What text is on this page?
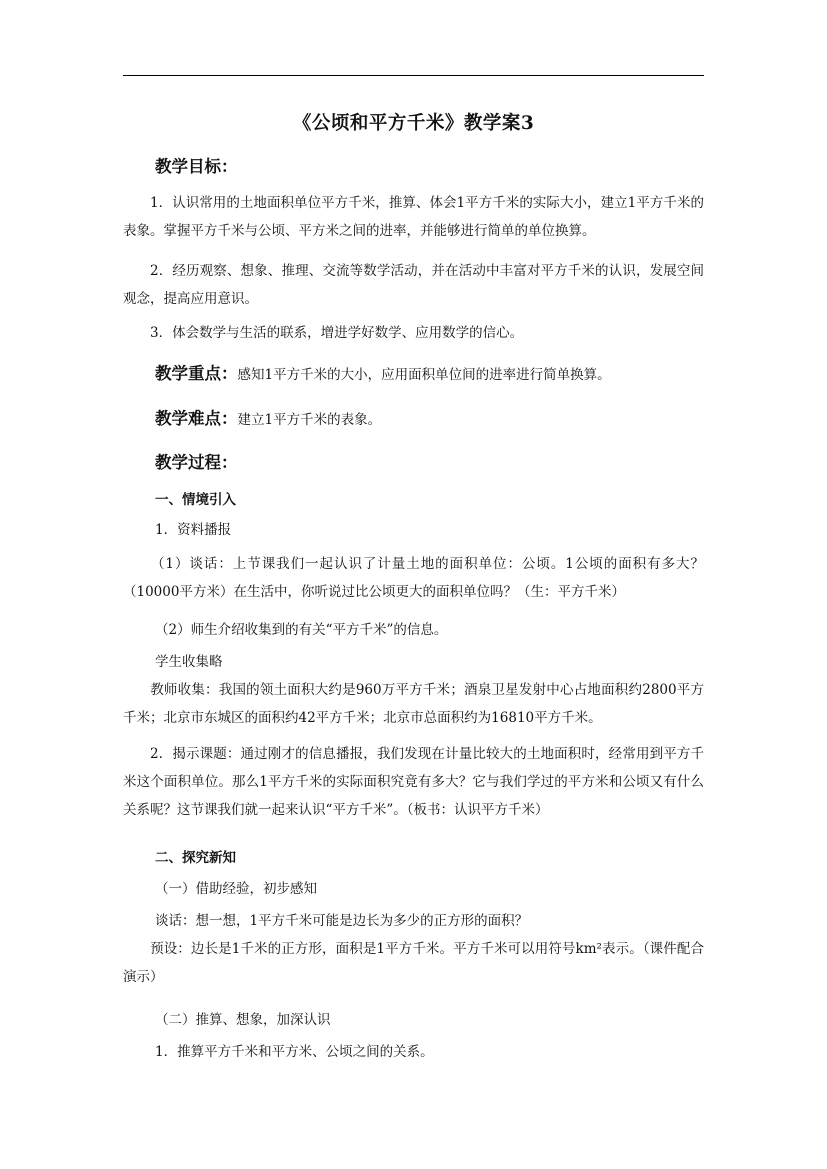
《公顷和平方千米》教学案3
教学目标：
1．认识常用的土地面积单位平方千米，推算、体会1平方千米的实际大小，建立1平方千米的表象。掌握平方千米与公顷、平方米之间的进率，并能够进行简单的单位换算。
2．经历观察、想象、推理、交流等数学活动，并在活动中丰富对平方千米的认识，发展空间观念，提高应用意识。
3．体会数学与生活的联系，增进学好数学、应用数学的信心。
教学重点：感知1平方千米的大小，应用面积单位间的进率进行简单换算。
教学难点：建立1平方千米的表象。
教学过程：
一、情境引入
1．资料播报
（1）谈话：上节课我们一起认识了计量土地的面积单位：公顷。1公顷的面积有多大？（10000平方米）在生活中，你听说过比公顷更大的面积单位吗？（生：平方千米）
（2）师生介绍收集到的有关“平方千米”的信息。
学生收集略
教师收集：我国的领土面积大约是960万平方千米；酒泉卫星发射中心占地面积约2800平方千米；北京市东城区的面积约42平方千米；北京市总面积约为16810平方千米。
2．揭示课题：通过刚才的信息播报，我们发现在计量比较大的土地面积时，经常用到平方千米这个面积单位。那么1平方千米的实际面积究竟有多大？它与我们学过的平方米和公顷又有什么关系呢？这节课我们就一起来认识“平方千米”。（板书：认识平方千米）
二、探究新知
（一）借助经验，初步感知
谈话：想一想，1平方千米可能是边长为多少的正方形的面积？
预设：边长是1千米的正方形，面积是1平方千米。平方千米可以用符号km²表示。（课件配合演示）
（二）推算、想象，加深认识
1．推算平方千米和平方米、公顷之间的关系。
